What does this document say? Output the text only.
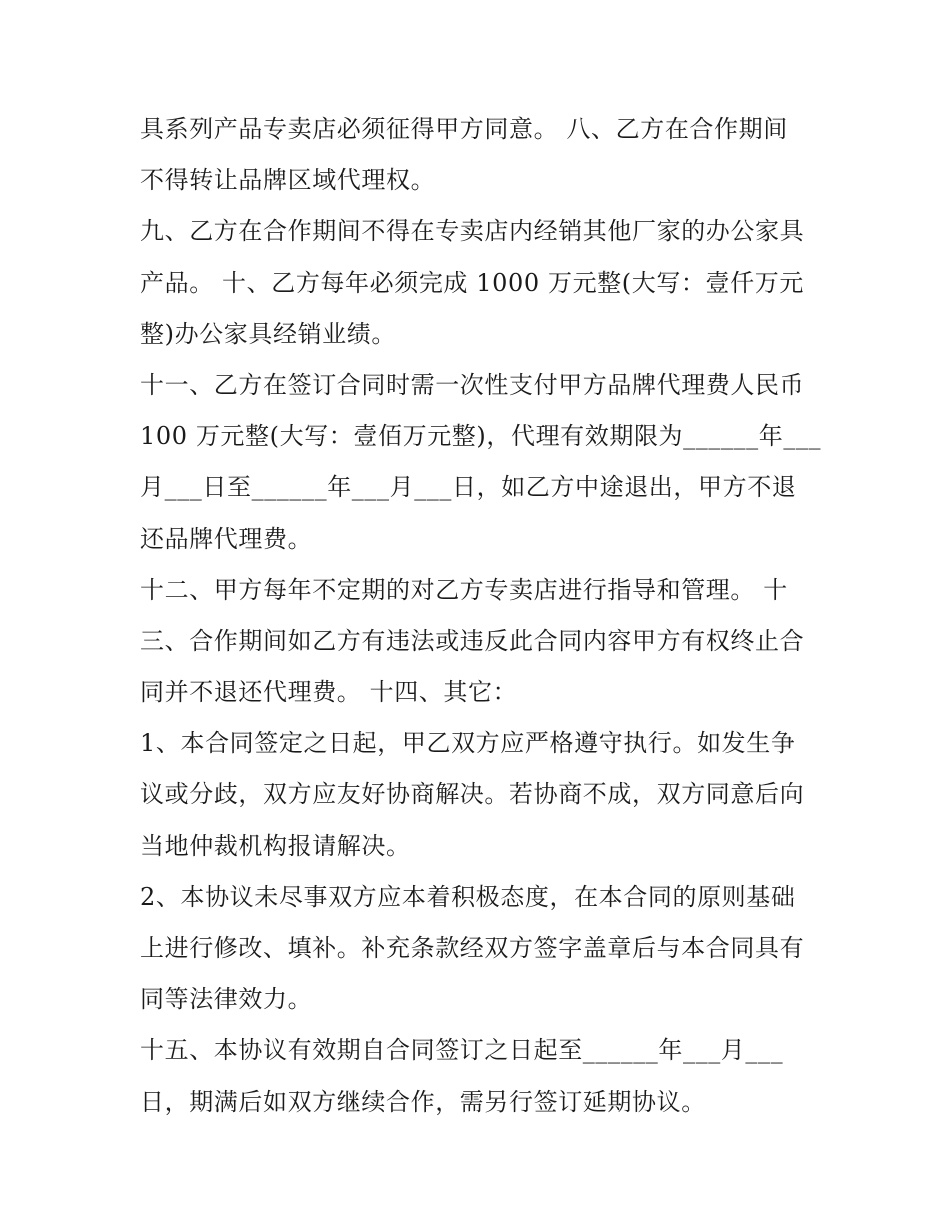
具系列产品专卖店必须征得甲方同意。 八、乙方在合作期间
不得转让品牌区域代理权。
九、乙方在合作期间不得在专卖店内经销其他厂家的办公家具
产品。 十、乙方每年必须完成 1000 万元整(大写：壹仟万元
整)办公家具经销业绩。
十一、乙方在签订合同时需一次性支付甲方品牌代理费人民币
100 万元整(大写：壹佰万元整)，代理有效期限为______年___
月___日至______年___月___日，如乙方中途退出，甲方不退
还品牌代理费。
十二、甲方每年不定期的对乙方专卖店进行指导和管理。 十
三、合作期间如乙方有违法或违反此合同内容甲方有权终止合
同并不退还代理费。 十四、其它：
1、本合同签定之日起，甲乙双方应严格遵守执行。如发生争
议或分歧，双方应友好协商解决。若协商不成，双方同意后向
当地仲裁机构报请解决。
2、本协议未尽事双方应本着积极态度，在本合同的原则基础
上进行修改、填补。补充条款经双方签字盖章后与本合同具有
同等法律效力。
十五、本协议有效期自合同签订之日起至______年___月___
日，期满后如双方继续合作，需另行签订延期协议。
